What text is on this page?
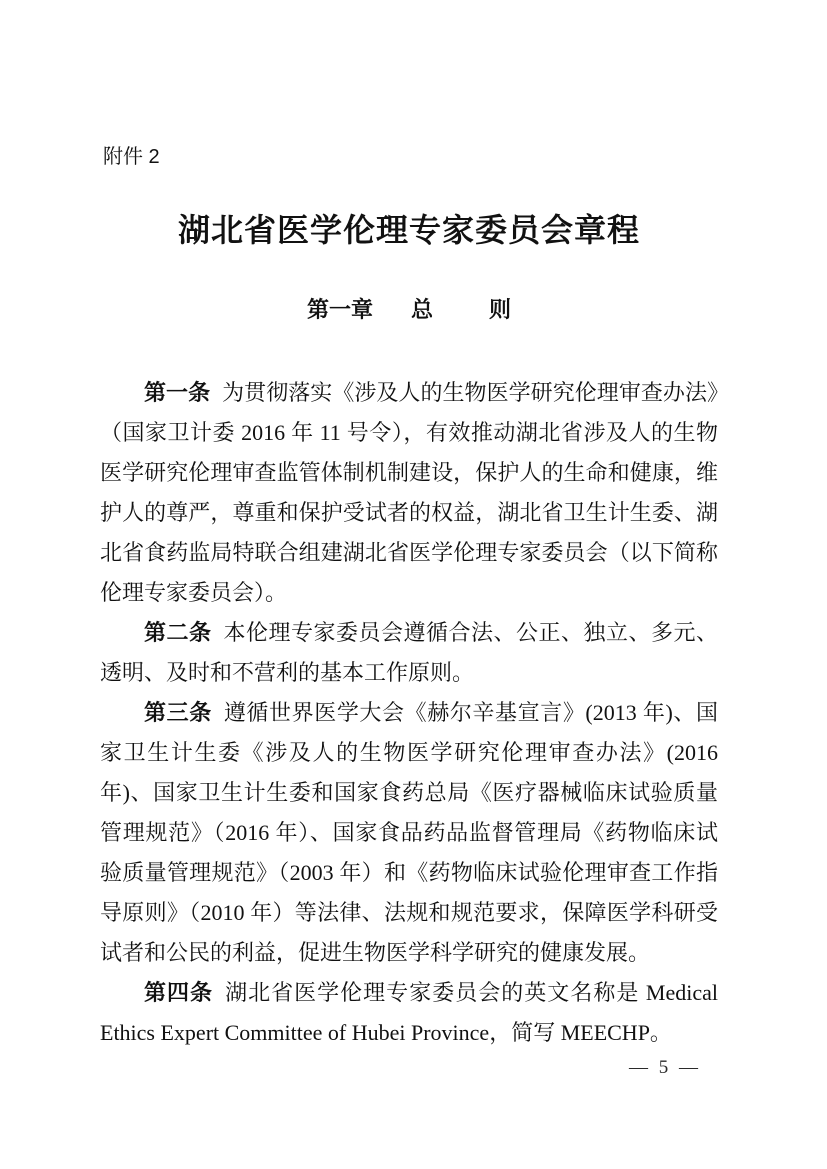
附件 2
湖北省医学伦理专家委员会章程
第一章 总	则

第一条 为贯彻落实《涉及人的生物医学研究伦理审查办法》（国家卫计委 2016 年 11 号令），有效推动湖北省涉及人的生物医学研究伦理审查监管体制机制建设，保护人的生命和健康，维护人的尊严，尊重和保护受试者的权益，湖北省卫生计生委、湖北省食药监局特联合组建湖北省医学伦理专家委员会（以下简称伦理专家委员会）。

第二条 本伦理专家委员会遵循合法、公正、独立、多元、透明、及时和不营利的基本工作原则。

第三条 遵循世界医学大会《赫尔辛基宣言》(2013 年)、国家卫生计生委《涉及人的生物医学研究伦理审查办法》(2016 年)、国家卫生计生委和国家食药总局《医疗器械临床试验质量管理规范》（2016 年）、国家食品药品监督管理局《药物临床试验质量管理规范》（2003 年）和《药物临床试验伦理审查工作指导原则》（2010 年）等法律、法规和规范要求，保障医学科研受试者和公民的利益，促进生物医学科学研究的健康发展。

第四条 湖北省医学伦理专家委员会的英文名称是 Medical Ethics Expert Committee of Hubei Province，简写 MEECHP。

— 5 —
